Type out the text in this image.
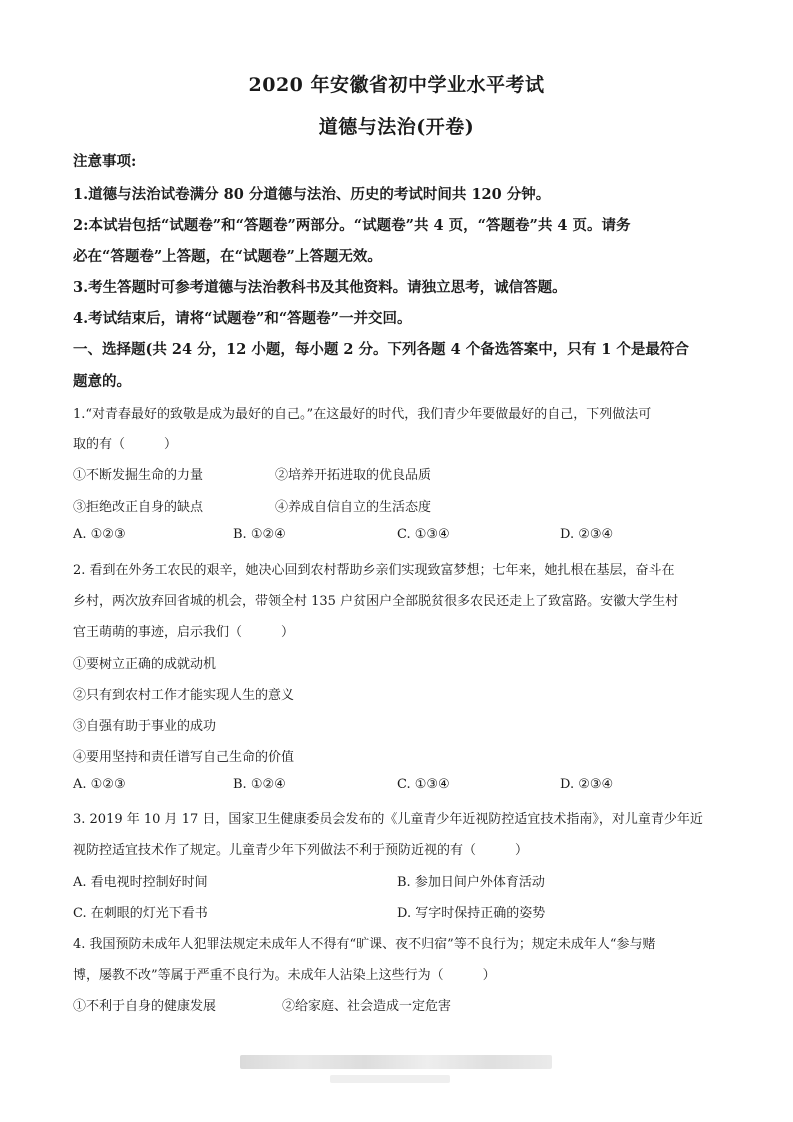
2020 年安徽省初中学业水平考试
道德与法治(开卷)
注意事项:
1.道德与法治试卷满分 80 分道德与法治、历史的考试时间共 120 分钟。
2:本试岩包括“试题卷”和“答题卷”两部分。“试题卷”共 4 页，“答题卷”共 4 页。请务
必在“答题卷”上答题，在“试题卷”上答题无效。
3.考生答题时可参考道德与法治教科书及其他资料。请独立思考，诚信答题。
4.考试结束后，请将“试题卷”和“答题卷”一并交回。
一、选择题(共 24 分，12 小题，每小题 2 分。下列各题 4 个备选答案中，只有 1 个是最符合
题意的。
1.“对青春最好的致敬是成为最好的自己。”在这最好的时代，我们青少年要做最好的自己，下列做法可
取的有（　　　）
①不断发掘生命的力量	②培养开拓进取的优良品质
③拒绝改正自身的缺点	④养成自信自立的生活态度
A. ①②③	B. ①②④	C. ①③④	D. ②③④
2. 看到在外务工农民的艰辛，她决心回到农村帮助乡亲们实现致富梦想；七年来，她扎根在基层，奋斗在
乡村，两次放弃回省城的机会，带领全村 135 户贫困户全部脱贫很多农民还走上了致富路。安徽大学生村
官王萌萌的事迹，启示我们（　　　）
①要树立正确的成就动机
②只有到农村工作才能实现人生的意义
③自强有助于事业的成功
④要用坚持和责任谱写自己生命的价值
A. ①②③	B. ①②④	C. ①③④	D. ②③④
3. 2019 年 10 月 17 日，国家卫生健康委员会发布的《儿童青少年近视防控适宜技术指南》，对儿童青少年近
视防控适宜技术作了规定。儿童青少年下列做法不利于预防近视的有（　　　）
A. 看电视时控制好时间	B. 参加日间户外体育活动
C. 在刺眼的灯光下看书	D. 写字时保持正确的姿势
4. 我国预防未成年人犯罪法规定未成年人不得有“旷课、夜不归宿”等不良行为；规定未成年人“参与赌
博，屡教不改”等属于严重不良行为。未成年人沾染上这些行为（　　　）
①不利于自身的健康发展	②给家庭、社会造成一定危害
